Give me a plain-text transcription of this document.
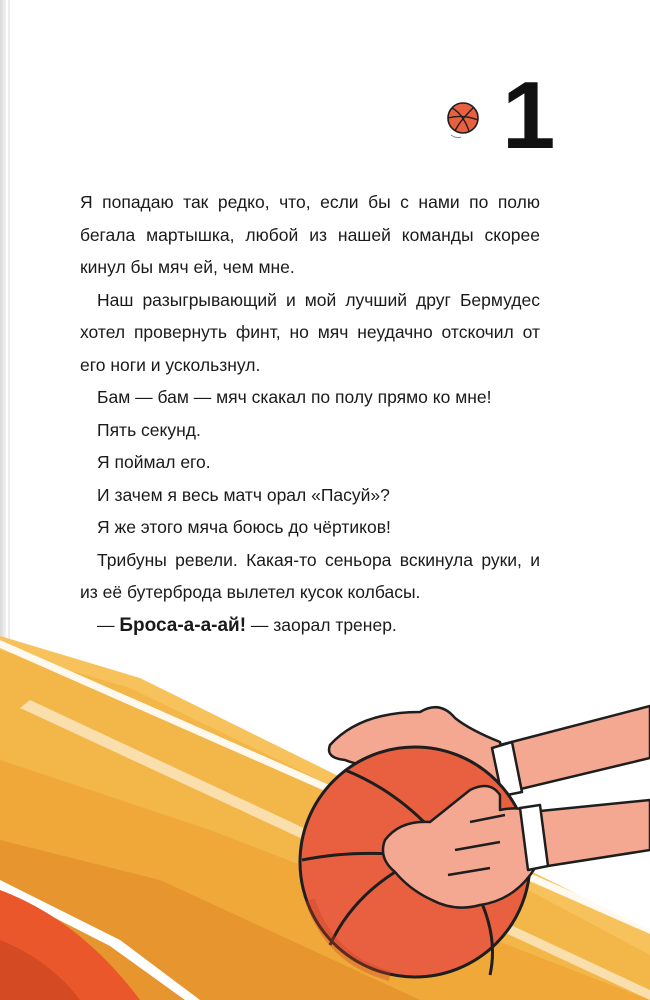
1

Я попадаю так редко, что, если бы с нами по полю бегала мартышка, любой из нашей команды скорее кинул бы мяч ей, чем мне.

Наш разыгрывающий и мой лучший друг Бермудес хотел провернуть финт, но мяч неудачно отскочил от его ноги и ускользнул.

Бам — бам — мяч скакал по полу прямо ко мне!

Пять секунд.

Я поймал его.

И зачем я весь матч орал «Пасуй»?

Я же этого мяча боюсь до чёртиков!

Трибуны ревели. Какая-то сеньора вскинула руки, и из её бутерброда вылетел кусок колбасы.

— Броса-а-а-ай! — заорал тренер.
